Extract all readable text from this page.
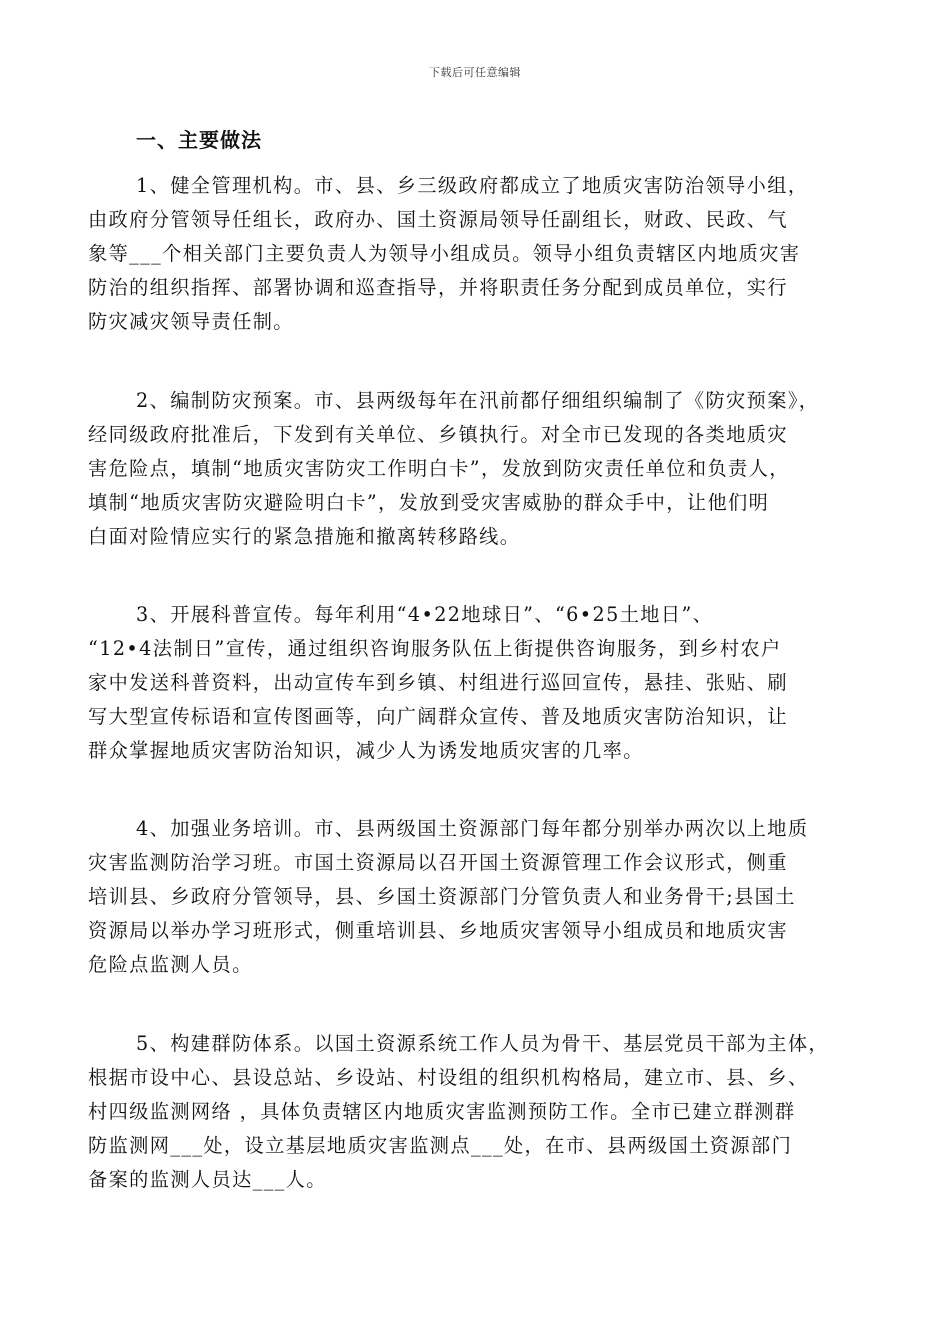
下载后可任意编辑
一、主要做法
1、健全管理机构。市、县、乡三级政府都成立了地质灾害防治领导小组，
由政府分管领导任组长，政府办、国土资源局领导任副组长，财政、民政、气
象等___个相关部门主要负责人为领导小组成员。领导小组负责辖区内地质灾害
防治的组织指挥、部署协调和巡查指导，并将职责任务分配到成员单位，实行
防灾减灾领导责任制。
2、编制防灾预案。市、县两级每年在汛前都仔细组织编制了《防灾预案》，
经同级政府批准后，下发到有关单位、乡镇执行。对全市已发现的各类地质灾
害危险点，填制“地质灾害防灾工作明白卡”，发放到防灾责任单位和负责人，
填制“地质灾害防灾避险明白卡”，发放到受灾害威胁的群众手中，让他们明
白面对险情应实行的紧急措施和撤离转移路线。
3、开展科普宣传。每年利用“4•22地球日”、“6•25土地日”、
“12•4法制日”宣传，通过组织咨询服务队伍上街提供咨询服务，到乡村农户
家中发送科普资料，出动宣传车到乡镇、村组进行巡回宣传，悬挂、张贴、刷
写大型宣传标语和宣传图画等，向广阔群众宣传、普及地质灾害防治知识，让
群众掌握地质灾害防治知识，减少人为诱发地质灾害的几率。
4、加强业务培训。市、县两级国土资源部门每年都分别举办两次以上地质
灾害监测防治学习班。市国土资源局以召开国土资源管理工作会议形式，侧重
培训县、乡政府分管领导，县、乡国土资源部门分管负责人和业务骨干;县国土
资源局以举办学习班形式，侧重培训县、乡地质灾害领导小组成员和地质灾害
危险点监测人员。
5、构建群防体系。以国土资源系统工作人员为骨干、基层党员干部为主体，
根据市设中心、县设总站、乡设站、村设组的组织机构格局，建立市、县、乡、
村四级监测网络 ，具体负责辖区内地质灾害监测预防工作。全市已建立群测群
防监测网___处，设立基层地质灾害监测点___处，在市、县两级国土资源部门
备案的监测人员达___人。
